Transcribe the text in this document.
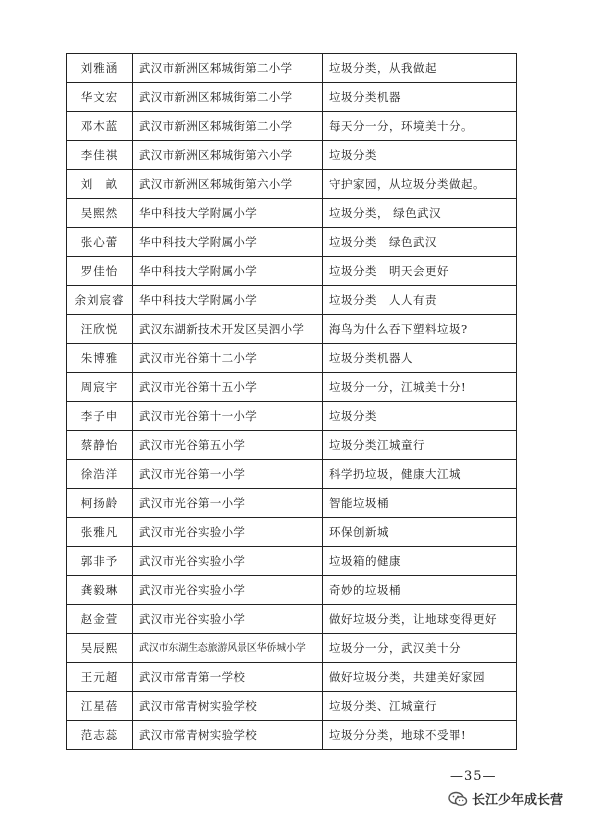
刘雅涵	武汉市新洲区邾城街第二小学	垃圾分类，从我做起
华文宏	武汉市新洲区邾城街第二小学	垃圾分类机器
邓木蓝	武汉市新洲区邾城街第二小学	每天分一分，环境美十分。
李佳祺	武汉市新洲区邾城街第六小学	垃圾分类
刘　畝	武汉市新洲区邾城街第六小学	守护家园，从垃圾分类做起。
吴熙然	华中科技大学附属小学	垃圾分类， 绿色武汉
张心蕾	华中科技大学附属小学	垃圾分类　绿色武汉
罗佳怡	华中科技大学附属小学	垃圾分类　明天会更好
余刘宸睿	华中科技大学附属小学	垃圾分类　人人有责
汪欣悦	武汉东湖新技术开发区吴泗小学	海鸟为什么吞下塑料垃圾?
朱博雅	武汉市光谷第十二小学	垃圾分类机器人
周宸宇	武汉市光谷第十五小学	垃圾分一分，江城美十分!
李子申	武汉市光谷第十一小学	垃圾分类
蔡静怡	武汉市光谷第五小学	垃圾分类江城童行
徐浩洋	武汉市光谷第一小学	科学扔垃圾，健康大江城
柯扬龄	武汉市光谷第一小学	智能垃圾桶
张雅凡	武汉市光谷实验小学	环保创新城
郭非予	武汉市光谷实验小学	垃圾箱的健康
龚毅琳	武汉市光谷实验小学	奇妙的垃圾桶
赵金萱	武汉市光谷实验小学	做好垃圾分类，让地球变得更好
吴辰熙	武汉市东湖生态旅游风景区华侨城小学	垃圾分一分，武汉美十分
王元超	武汉市常青第一学校	做好垃圾分类，共建美好家园
江星蓓	武汉市常青树实验学校	垃圾分类、江城童行
范志蕊	武汉市常青树实验学校	垃圾分分类，地球不受罪!
—35—
长江少年成长营
